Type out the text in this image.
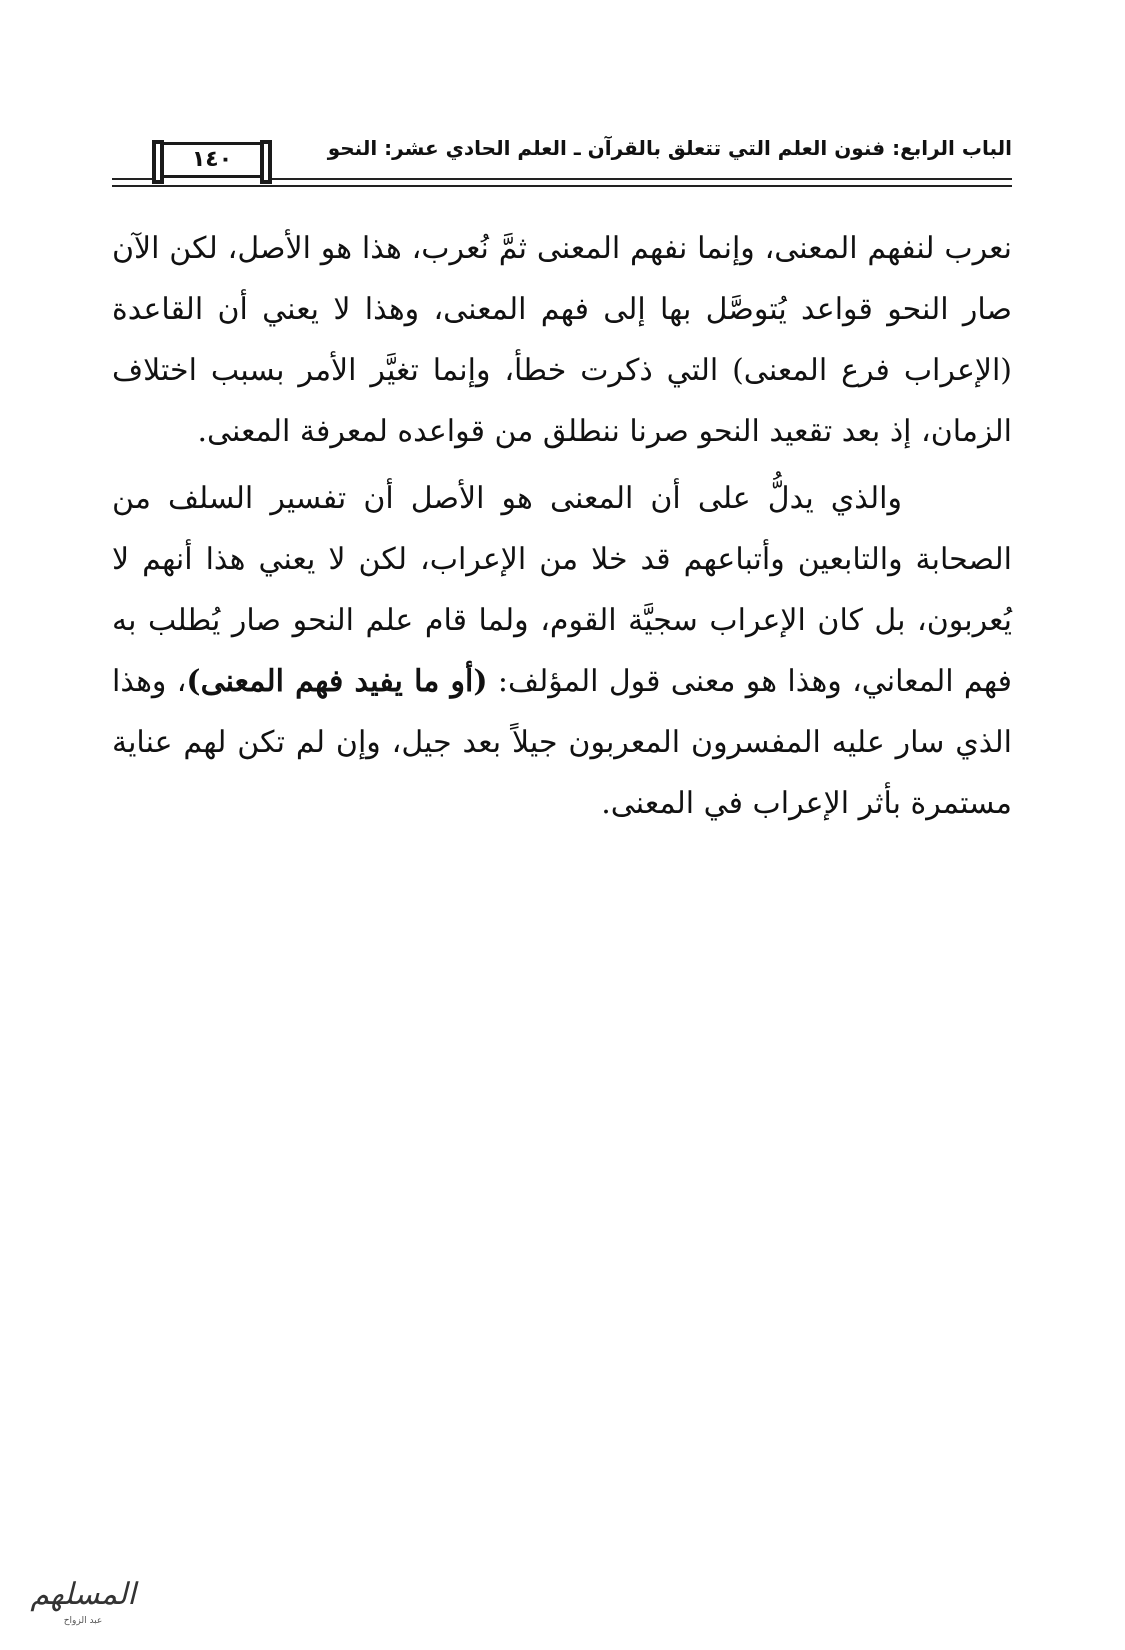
الباب الرابع: فنون العلم التي تتعلق بالقرآن ـ العلم الحادي عشر: النحو
١٤٠

نعرب لنفهم المعنى، وإنما نفهم المعنى ثمَّ نُعرب، هذا هو الأصل، لكن الآن صار النحو قواعد يُتوصَّل بها إلى فهم المعنى، وهذا لا يعني أن القاعدة (الإعراب فرع المعنى) التي ذكرت خطأ، وإنما تغيَّر الأمر بسبب اختلاف الزمان، إذ بعد تقعيد النحو صرنا ننطلق من قواعده لمعرفة المعنى.

والذي يدلُّ على أن المعنى هو الأصل أن تفسير السلف من الصحابة والتابعين وأتباعهم قد خلا من الإعراب، لكن لا يعني هذا أنهم لا يُعربون، بل كان الإعراب سجيَّة القوم، ولما قام علم النحو صار يُطلب به فهم المعاني، وهذا هو معنى قول المؤلف: (أو ما يفيد فهم المعنى)، وهذا الذي سار عليه المفسرون المعربون جيلاً بعد جيل، وإن لم تكن لهم عناية مستمرة بأثر الإعراب في المعنى.

المسلهم
عبد الزواح
